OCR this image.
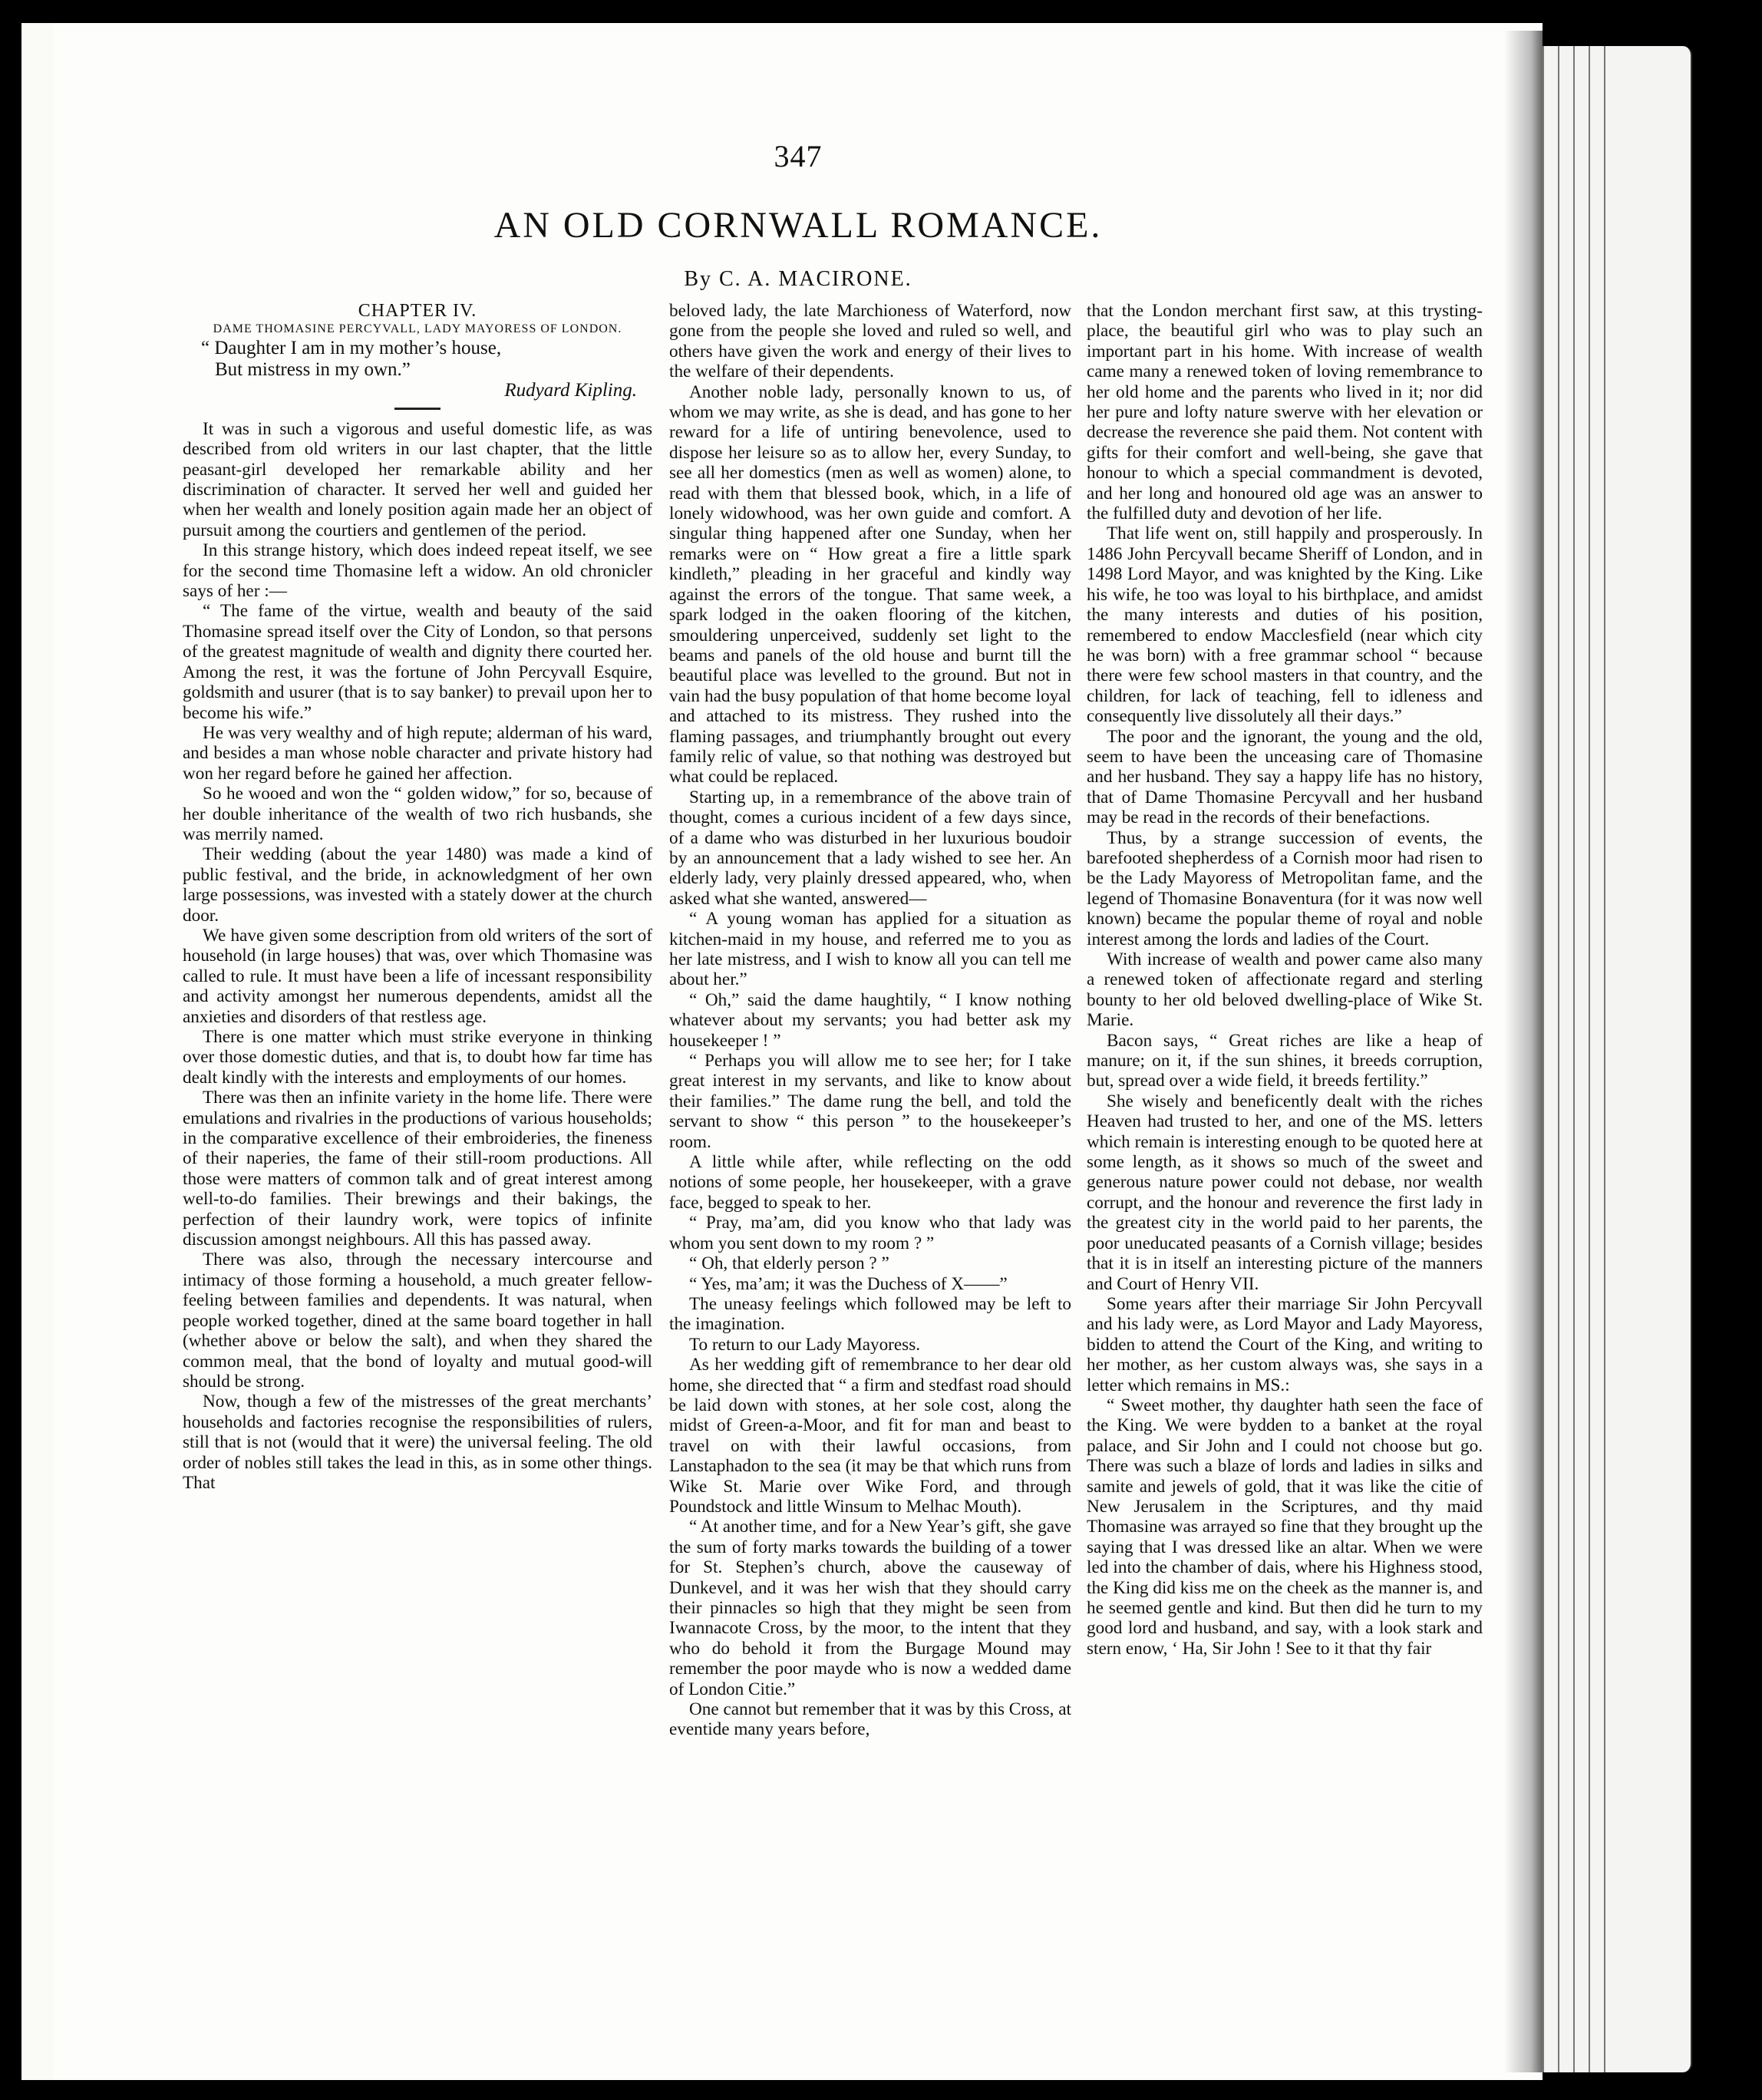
347
AN OLD CORNWALL ROMANCE.
By C. A. MACIRONE.

CHAPTER IV.

DAME THOMASINE PERCYVALL, LADY MAYORESS OF LONDON.

“ Daughter I am in my mother’s house,

But mistress in my own.”

Rudyard Kipling.

It was in such a vigorous and useful domestic life, as was described from old writers in our last chapter, that the little peasant-girl developed her remarkable ability and her discrimination of character. It served her well and guided her when her wealth and lonely position again made her an object of pursuit among the courtiers and gentlemen of the period.

In this strange history, which does indeed repeat itself, we see for the second time Thomasine left a widow. An old chronicler says of her :—

“ The fame of the virtue, wealth and beauty of the said Thomasine spread itself over the City of London, so that persons of the greatest magnitude of wealth and dignity there courted her. Among the rest, it was the fortune of John Percyvall Esquire, goldsmith and usurer (that is to say banker) to prevail upon her to become his wife.”

He was very wealthy and of high repute; alderman of his ward, and besides a man whose noble character and private history had won her regard before he gained her affection.

So he wooed and won the “ golden widow,” for so, because of her double inheritance of the wealth of two rich husbands, she was merrily named.

Their wedding (about the year 1480) was made a kind of public festival, and the bride, in acknowledgment of her own large possessions, was invested with a stately dower at the church door.

We have given some description from old writers of the sort of household (in large houses) that was, over which Thomasine was called to rule. It must have been a life of incessant responsibility and activity amongst her numerous dependents, amidst all the anxieties and disorders of that restless age.

There is one matter which must strike everyone in thinking over those domestic duties, and that is, to doubt how far time has dealt kindly with the interests and employments of our homes.

There was then an infinite variety in the home life. There were emulations and rivalries in the productions of various households; in the comparative excellence of their embroideries, the fineness of their naperies, the fame of their still-room productions. All those were matters of common talk and of great interest among well-to-do families. Their brewings and their bakings, the perfection of their laundry work, were topics of infinite discussion amongst neighbours. All this has passed away.

There was also, through the necessary intercourse and intimacy of those forming a household, a much greater fellow-feeling between families and dependents. It was natural, when people worked together, dined at the same board together in hall (whether above or below the salt), and when they shared the common meal, that the bond of loyalty and mutual good-will should be strong.

Now, though a few of the mistresses of the great merchants’ households and factories recognise the responsibilities of rulers, still that is not (would that it were) the universal feeling. The old order of nobles still takes the lead in this, as in some other things. That

beloved lady, the late Marchioness of Waterford, now gone from the people she loved and ruled so well, and others have given the work and energy of their lives to the welfare of their dependents.

Another noble lady, personally known to us, of whom we may write, as she is dead, and has gone to her reward for a life of untiring benevolence, used to dispose her leisure so as to allow her, every Sunday, to see all her domestics (men as well as women) alone, to read with them that blessed book, which, in a life of lonely widowhood, was her own guide and comfort. A singular thing happened after one Sunday, when her remarks were on “ How great a fire a little spark kindleth,” pleading in her graceful and kindly way against the errors of the tongue. That same week, a spark lodged in the oaken flooring of the kitchen, smouldering unperceived, suddenly set light to the beams and panels of the old house and burnt till the beautiful place was levelled to the ground. But not in vain had the busy population of that home become loyal and attached to its mistress. They rushed into the flaming passages, and triumphantly brought out every family relic of value, so that nothing was destroyed but what could be replaced.

Starting up, in a remembrance of the above train of thought, comes a curious incident of a few days since, of a dame who was disturbed in her luxurious boudoir by an announcement that a lady wished to see her. An elderly lady, very plainly dressed appeared, who, when asked what she wanted, answered—

“ A young woman has applied for a situation as kitchen-maid in my house, and referred me to you as her late mistress, and I wish to know all you can tell me about her.”

“ Oh,” said the dame haughtily, “ I know nothing whatever about my servants; you had better ask my housekeeper ! ”

“ Perhaps you will allow me to see her; for I take great interest in my servants, and like to know about their families.” The dame rung the bell, and told the servant to show “ this person ” to the housekeeper’s room.

A little while after, while reflecting on the odd notions of some people, her housekeeper, with a grave face, begged to speak to her.

“ Pray, ma’am, did you know who that lady was whom you sent down to my room ? ”

“ Oh, that elderly person ? ”

“ Yes, ma’am; it was the Duchess of X——”

The uneasy feelings which followed may be left to the imagination.

To return to our Lady Mayoress.

As her wedding gift of remembrance to her dear old home, she directed that “ a firm and stedfast road should be laid down with stones, at her sole cost, along the midst of Green-a-Moor, and fit for man and beast to travel on with their lawful occasions, from Lanstaphadon to the sea (it may be that which runs from Wike St. Marie over Wike Ford, and through Poundstock and little Winsum to Melhac Mouth).

“ At another time, and for a New Year’s gift, she gave the sum of forty marks towards the building of a tower for St. Stephen’s church, above the causeway of Dunkevel, and it was her wish that they should carry their pinnacles so high that they might be seen from Iwannacote Cross, by the moor, to the intent that they who do behold it from the Burgage Mound may remember the poor mayde who is now a wedded dame of London Citie.”

One cannot but remember that it was by this Cross, at eventide many years before,

that the London merchant first saw, at this trysting-place, the beautiful girl who was to play such an important part in his home. With increase of wealth came many a renewed token of loving remembrance to her old home and the parents who lived in it; nor did her pure and lofty nature swerve with her elevation or decrease the reverence she paid them. Not content with gifts for their comfort and well-being, she gave that honour to which a special commandment is devoted, and her long and honoured old age was an answer to the fulfilled duty and devotion of her life.

That life went on, still happily and prosperously. In 1486 John Percyvall became Sheriff of London, and in 1498 Lord Mayor, and was knighted by the King. Like his wife, he too was loyal to his birthplace, and amidst the many interests and duties of his position, remembered to endow Macclesfield (near which city he was born) with a free grammar school “ because there were few school masters in that country, and the children, for lack of teaching, fell to idleness and consequently live dissolutely all their days.”

The poor and the ignorant, the young and the old, seem to have been the unceasing care of Thomasine and her husband. They say a happy life has no history, that of Dame Thomasine Percyvall and her husband may be read in the records of their benefactions.

Thus, by a strange succession of events, the barefooted shepherdess of a Cornish moor had risen to be the Lady Mayoress of Metropolitan fame, and the legend of Thomasine Bonaventura (for it was now well known) became the popular theme of royal and noble interest among the lords and ladies of the Court.

With increase of wealth and power came also many a renewed token of affectionate regard and sterling bounty to her old beloved dwelling-place of Wike St. Marie.

Bacon says, “ Great riches are like a heap of manure; on it, if the sun shines, it breeds corruption, but, spread over a wide field, it breeds fertility.”

She wisely and beneficently dealt with the riches Heaven had trusted to her, and one of the MS. letters which remain is interesting enough to be quoted here at some length, as it shows so much of the sweet and generous nature power could not debase, nor wealth corrupt, and the honour and reverence the first lady in the greatest city in the world paid to her parents, the poor uneducated peasants of a Cornish village; besides that it is in itself an interesting picture of the manners and Court of Henry VII.

Some years after their marriage Sir John Percyvall and his lady were, as Lord Mayor and Lady Mayoress, bidden to attend the Court of the King, and writing to her mother, as her custom always was, she says in a letter which remains in MS.:

“ Sweet mother, thy daughter hath seen the face of the King. We were bydden to a banket at the royal palace, and Sir John and I could not choose but go. There was such a blaze of lords and ladies in silks and samite and jewels of gold, that it was like the citie of New Jerusalem in the Scriptures, and thy maid Thomasine was arrayed so fine that they brought up the saying that I was dressed like an altar. When we were led into the chamber of dais, where his Highness stood, the King did kiss me on the cheek as the manner is, and he seemed gentle and kind. But then did he turn to my good lord and husband, and say, with a look stark and stern enow, ‘ Ha, Sir John ! See to it that thy fair
